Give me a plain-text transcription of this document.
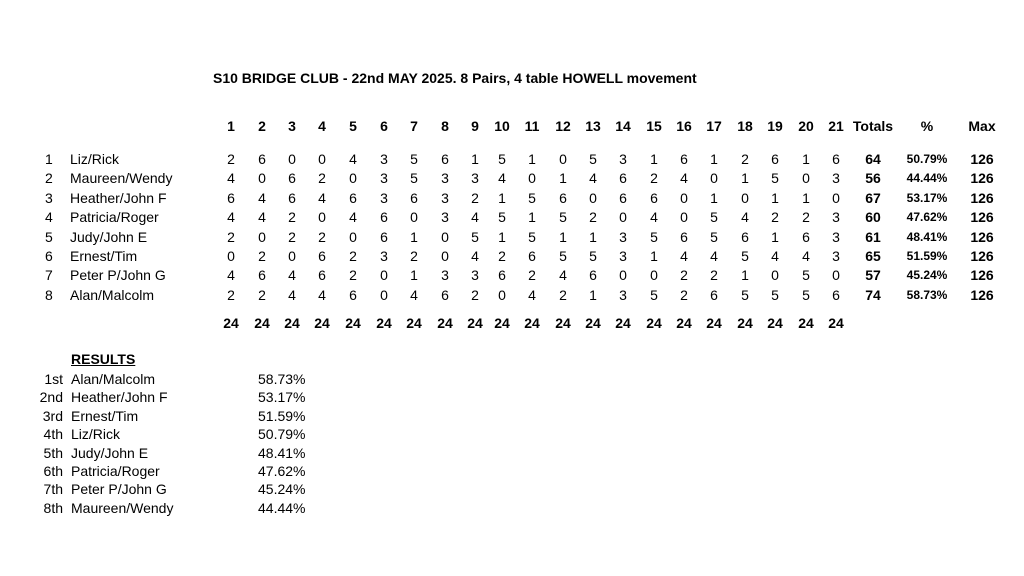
S10 BRIDGE CLUB - 22nd MAY 2025. 8 Pairs, 4 table HOWELL movement
1 2 3 4 5 6 7 8 9 10 11 12 13 14 15 16 17 18 19 20 21 Totals %	Max
1 Liz/Rick	2 6 0 0 4 3 5 6 1 5 1 0 5 3 1 6 1 2 6 1 6 64 50.79% 126
2 Maureen/Wendy	4 0 6 2 0 3 5 3 3 4 0 1 4 6 2 4 0 1 5 0 3 56 44.44% 126
3 Heather/John F	6 4 6 4 6 3 6 3 2 1 5 6 0 6 6 0 1 0 1 1 0 67 53.17% 126
4 Patricia/Roger	4 4 2 0 4 6 0 3 4 5 1 5 2 0 4 0 5 4 2 2 3 60 47.62% 126
5 Judy/John E	2 0 2 2 0 6 1 0 5 1 5 1 1 3 5 6 5 6 1 6 3 61 48.41% 126
6 Ernest/Tim	0 2 0 6 2 3 2 0 4 2 6 5 5 3 1 4 4 5 4 4 3 65 51.59% 126
7 Peter P/John G	4 6 4 6 2 0 1 3 3 6 2 4 6 0 0 2 2 1 0 5 0 57 45.24% 126
8 Alan/Malcolm	2 2 4 4 6 0 4 6 2 0 4 2 1 3 5 2 6 5 5 5 6 74 58.73% 126
24 24 24 24 24 24 24 24 24 24 24 24 24 24 24 24 24 24 24 24 24
RESULTS
1st Alan/Malcolm	58.73%
2nd Heather/John F	53.17%
3rd Ernest/Tim	51.59%
4th Liz/Rick	50.79%
5th Judy/John E	48.41%
6th Patricia/Roger	47.62%
7th Peter P/John G	45.24%
8th Maureen/Wendy	44.44%
